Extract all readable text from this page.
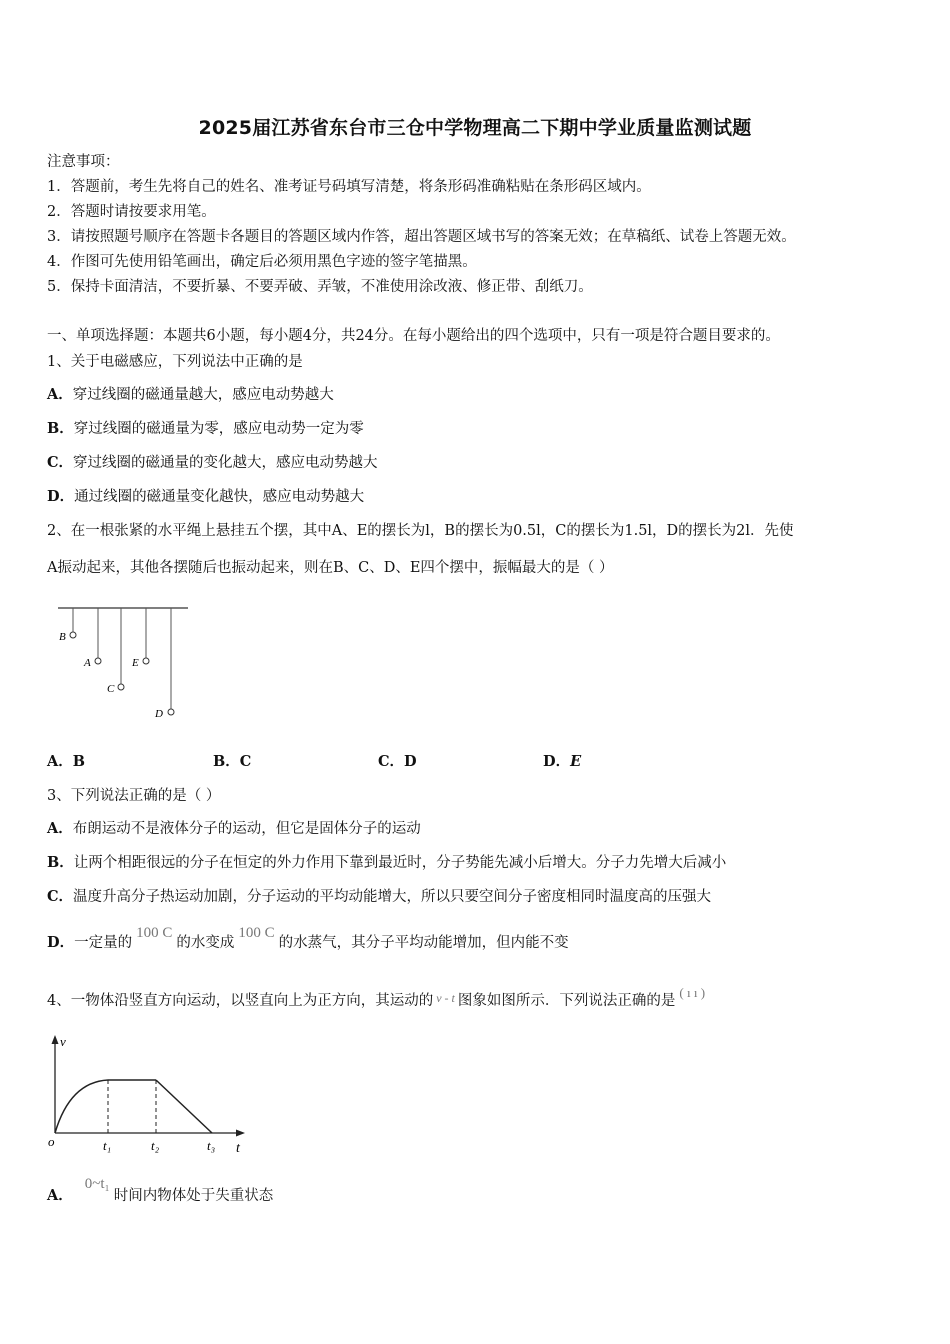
2025届江苏省东台市三仓中学物理高二下期中学业质量监测试题
注意事项：
1．答题前，考生先将自己的姓名、准考证号码填写清楚，将条形码准确粘贴在条形码区域内。
2．答题时请按要求用笔。
3．请按照题号顺序在答题卡各题目的答题区域内作答，超出答题区域书写的答案无效；在草稿纸、试卷上答题无效。
4．作图可先使用铅笔画出，确定后必须用黑色字迹的签字笔描黑。
5．保持卡面清洁，不要折暴、不要弄破、弄皱，不准使用涂改液、修正带、刮纸刀。
一、单项选择题：本题共6小题，每小题4分，共24分。在每小题给出的四个选项中，只有一项是符合题目要求的。
1、关于电磁感应，下列说法中正确的是
A．穿过线圈的磁通量越大，感应电动势越大
B．穿过线圈的磁通量为零，感应电动势一定为零
C．穿过线圈的磁通量的变化越大，感应电动势越大
D．通过线圈的磁通量变化越快，感应电动势越大
2、在一根张紧的水平绳上悬挂五个摆，其中A、E的摆长为l，B的摆长为0.5l，C的摆长为1.5l，D的摆长为2l．先使
A振动起来，其他各摆随后也振动起来，则在B、C、D、E四个摆中，振幅最大的是（ ）
B
A
C
E
D
A．B	B．C	C．D	D．E
3、下列说法正确的是（ ）
A．布朗运动不是液体分子的运动，但它是固体分子的运动
B．让两个相距很远的分子在恒定的外力作用下靠到最近时，分子势能先减小后增大。分子力先增大后减小
C．温度升高分子热运动加剧，分子运动的平均动能增大，所以只要空间分子密度相同时温度高的压强大
D．一定量的100 C的水变成100 C的水蒸气，其分子平均动能增加，但内能不变
4、一物体沿竖直方向运动，以竖直向上为正方向，其运动的 $^{v - t}$ 图象如图所示．下列说法正确的是( ı ı )
v
o	t₁	t₂	t₃ t
A．0~t₁时间内物体处于失重状态
